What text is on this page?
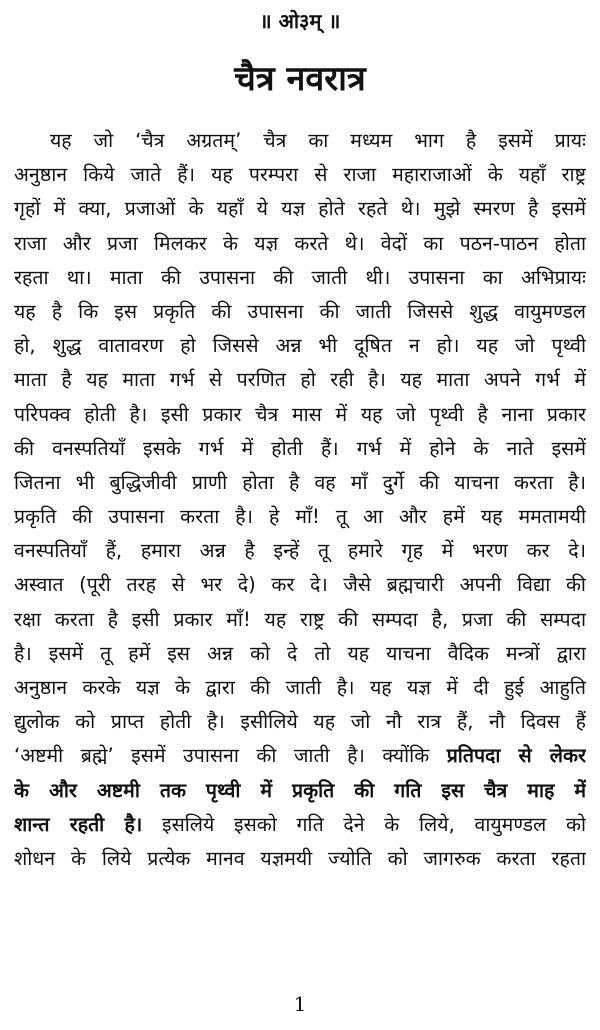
॥ ओ३म् ॥
चैत्र नवरात्र
यह जो ‘चैत्र अग्रतम्’ चैत्र का मध्यम भाग है इसमें प्रायः
अनुष्ठान किये जाते हैं। यह परम्परा से राजा महाराजाओं के यहाँ राष्ट्र
गृहों में क्या, प्रजाओं के यहाँ ये यज्ञ होते रहते थे। मुझे स्मरण है इसमें
राजा और प्रजा मिलकर के यज्ञ करते थे। वेदों का पठन-पाठन होता
रहता था। माता की उपासना की जाती थी। उपासना का अभिप्रायः
यह है कि इस प्रकृति की उपासना की जाती जिससे शुद्ध वायुमण्डल
हो, शुद्ध वातावरण हो जिससे अन्न भी दूषित न हो। यह जो पृथ्वी
माता है यह माता गर्भ से परणित हो रही है। यह माता अपने गर्भ में
परिपक्व होती है। इसी प्रकार चैत्र मास में यह जो पृथ्वी है नाना प्रकार
की वनस्पतियाँ इसके गर्भ में होती हैं। गर्भ में होने के नाते इसमें
जितना भी बुद्धिजीवी प्राणी होता है वह माँ दुर्गे की याचना करता है।
प्रकृति की उपासना करता है। हे माँ! तू आ और हमें यह ममतामयी
वनस्पतियाँ हैं, हमारा अन्न है इन्हें तू हमारे गृह में भरण कर दे।
अस्वात (पूरी तरह से भर दे) कर दे। जैसे ब्रह्मचारी अपनी विद्या की
रक्षा करता है इसी प्रकार माँ! यह राष्ट्र की सम्पदा है, प्रजा की सम्पदा
है। इसमें तू हमें इस अन्न को दे तो यह याचना वैदिक मन्त्रों द्वारा
अनुष्ठान करके यज्ञ के द्वारा की जाती है। यह यज्ञ में दी हुई आहुति
द्युलोक को प्राप्त होती है। इसीलिये यह जो नौ रात्र हैं, नौ दिवस हैं
‘अष्टमी ब्रह्मे’ इसमें उपासना की जाती है। क्योंकि प्रतिपदा से लेकर
के और अष्टमी तक पृथ्वी में प्रकृति की गति इस चैत्र माह में
शान्त रहती है। इसलिये इसको गति देने के लिये, वायुमण्डल को
शोधन के लिये प्रत्येक मानव यज्ञमयी ज्योति को जागरुक करता रहता
1
